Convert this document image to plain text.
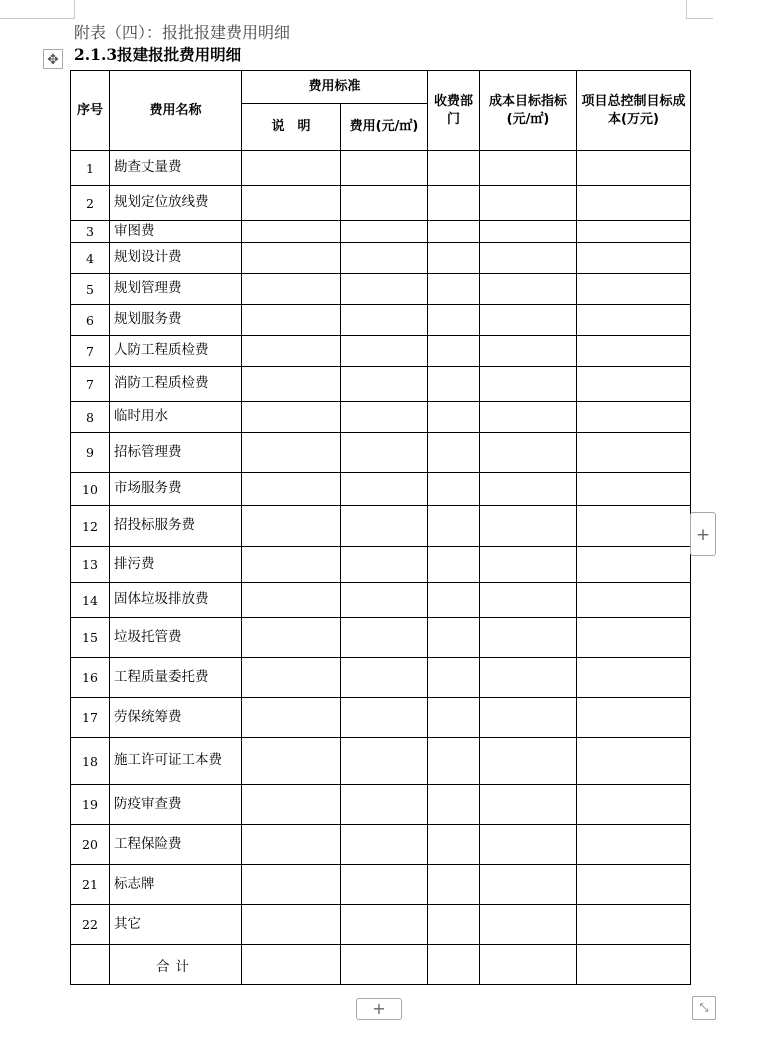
附表（四）：报批报建费用明细
✥ 2.1.3报建报批费用明细
序号	费用名称	费用标准		收费部门	成本目标指标(元/㎡)	项目总控制目标成本(万元)
		说　明	费用(元/㎡)			
1	勘查丈量费					
2	规划定位放线费					
3	审图费					
4	规划设计费					
5	规划管理费					
6	规划服务费					
7	人防工程质检费					
7	消防工程质检费					
8	临时用水					
9	招标管理费					
10	市场服务费					
12	招投标服务费					
13	排污费					
14	固体垃圾排放费					
15	垃圾托管费					
16	工程质量委托费					
17	劳保统筹费					
18	施工许可证工本费					
19	防疫审查费					
20	工程保险费					
21	标志牌					
22	其它					
	合计					
+
+	⤡
